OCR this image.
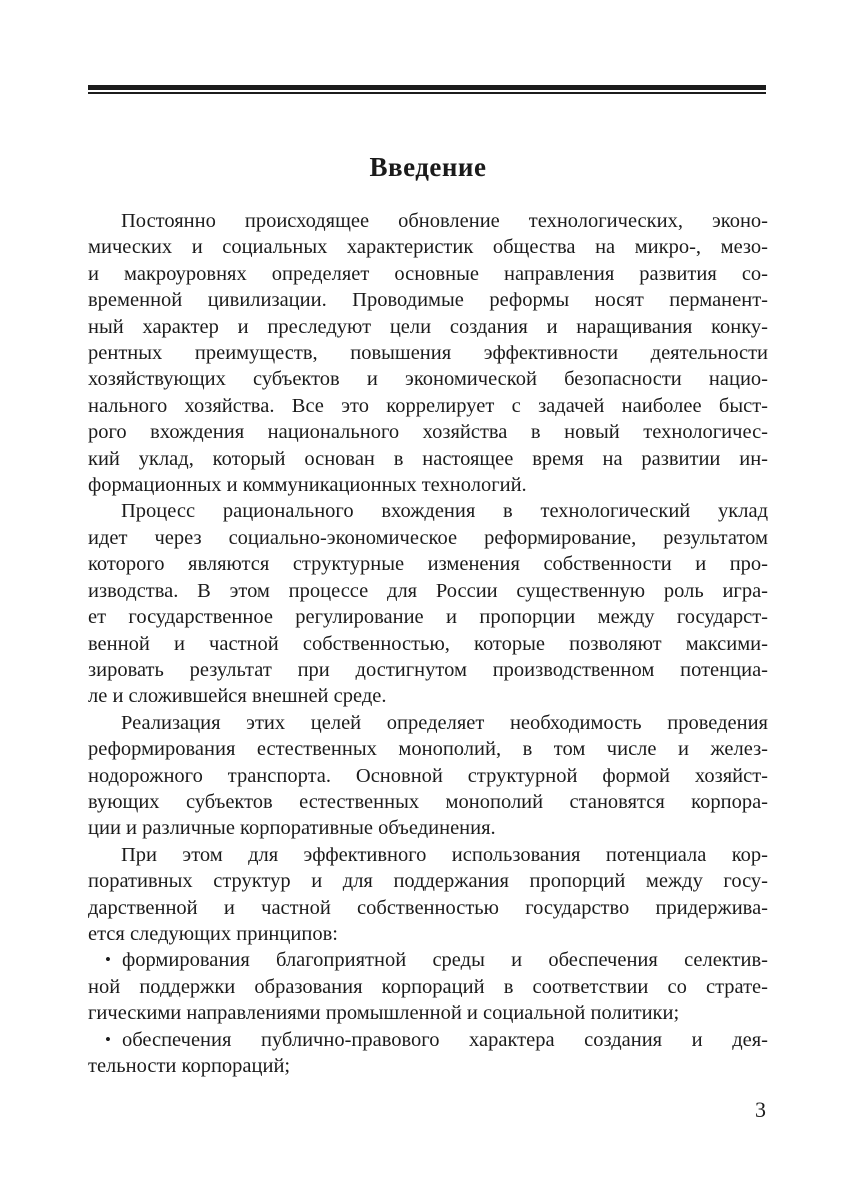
Введение
Постоянно происходящее обновление технологических, эконо-
мических и социальных характеристик общества на микро-, мезо-
и макроуровнях определяет основные направления развития со-
временной цивилизации. Проводимые реформы носят перманент-
ный характер и преследуют цели создания и наращивания конку-
рентных преимуществ, повышения эффективности деятельности
хозяйствующих субъектов и экономической безопасности нацио-
нального хозяйства. Все это коррелирует с задачей наиболее быст-
рого вхождения национального хозяйства в новый технологичес-
кий уклад, который основан в настоящее время на развитии ин-
формационных и коммуникационных технологий.
Процесс рационального вхождения в технологический уклад
идет через социально-экономическое реформирование, результатом
которого являются структурные изменения собственности и про-
изводства. В этом процессе для России существенную роль игра-
ет государственное регулирование и пропорции между государст-
венной и частной собственностью, которые позволяют максими-
зировать результат при достигнутом производственном потенциа-
ле и сложившейся внешней среде.
Реализация этих целей определяет необходимость проведения
реформирования естественных монополий, в том числе и желез-
нодорожного транспорта. Основной структурной формой хозяйст-
вующих субъектов естественных монополий становятся корпора-
ции и различные корпоративные объединения.
При этом для эффективного использования потенциала кор-
поративных структур и для поддержания пропорций между госу-
дарственной и частной собственностью государство придержива-
ется следующих принципов:
• формирования благоприятной среды и обеспечения селектив-
ной поддержки образования корпораций в соответствии со страте-
гическими направлениями промышленной и социальной политики;
• обеспечения публично-правового характера создания и дея-
тельности корпораций;
3
